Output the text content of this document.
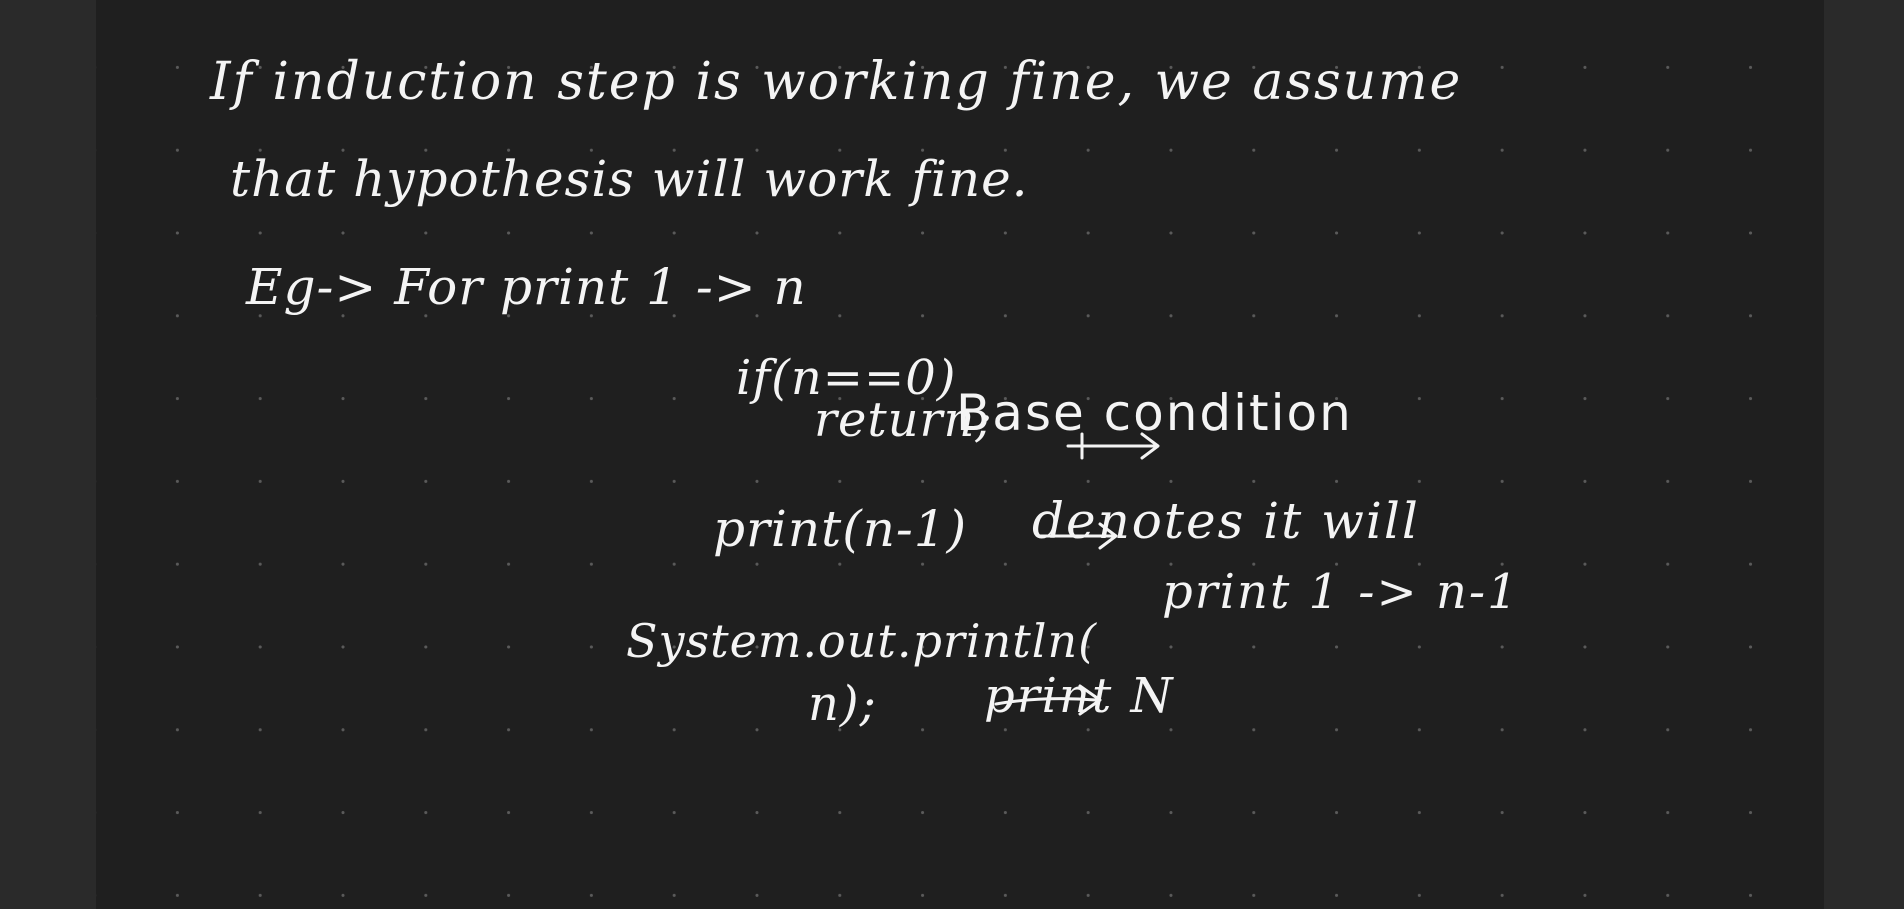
If induction step is working fine, we assume
that hypothesis will work fine.
Eg-> For print 1 -> n
if(n==0)
return;
print(n-1)
System.out.println(
n);
Base condition
denotes it will
print 1 -> n-1
print N
